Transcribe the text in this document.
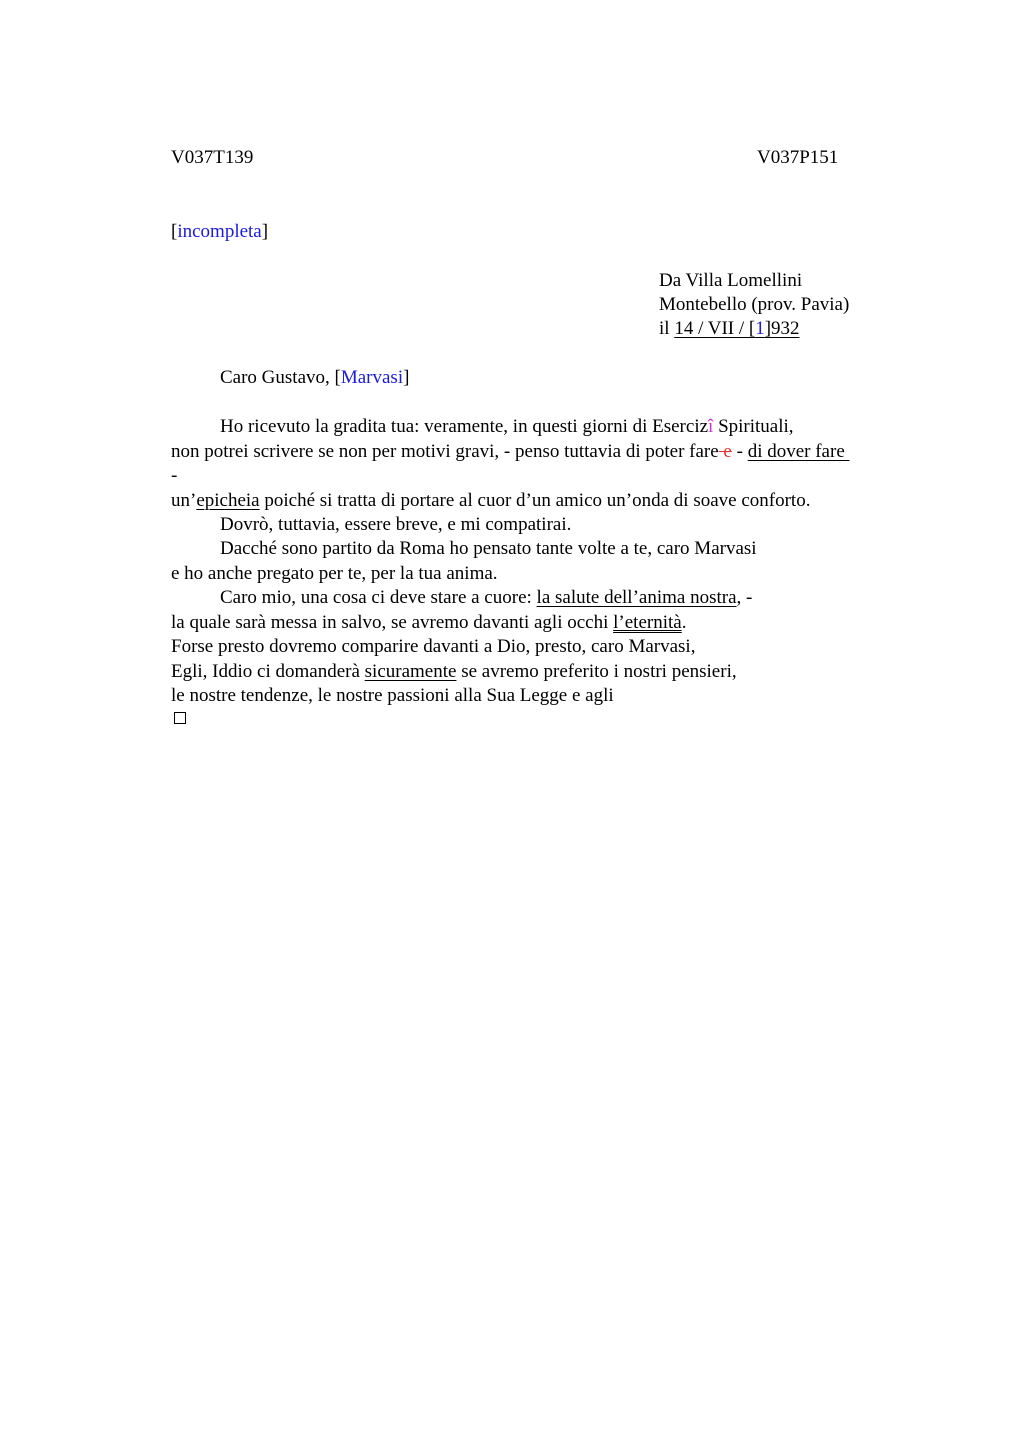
V037T139	V037P151
[incompleta]
Da Villa Lomellini
Montebello (prov. Pavia)
il 14 / VII / [1]932
Caro Gustavo, [Marvasi]
Ho ricevuto la gradita tua: veramente, in questi giorni di Esercizî Spirituali,
non potrei scrivere se non per motivi gravi, - penso tuttavia di poter fare e - di dover fare
-
un’epicheia poiché si tratta di portare al cuor d’un amico un’onda di soave conforto.
Dovrò, tuttavia, essere breve, e mi compatirai.
Dacché sono partito da Roma ho pensato tante volte a te, caro Marvasi
e ho anche pregato per te, per la tua anima.
Caro mio, una cosa ci deve stare a cuore: la salute dell’anima nostra, -
la quale sarà messa in salvo, se avremo davanti agli occhi l’eternità.
Forse presto dovremo comparire davanti a Dio, presto, caro Marvasi,
Egli, Iddio ci domanderà sicuramente se avremo preferito i nostri pensieri,
le nostre tendenze, le nostre passioni alla Sua Legge e agli
